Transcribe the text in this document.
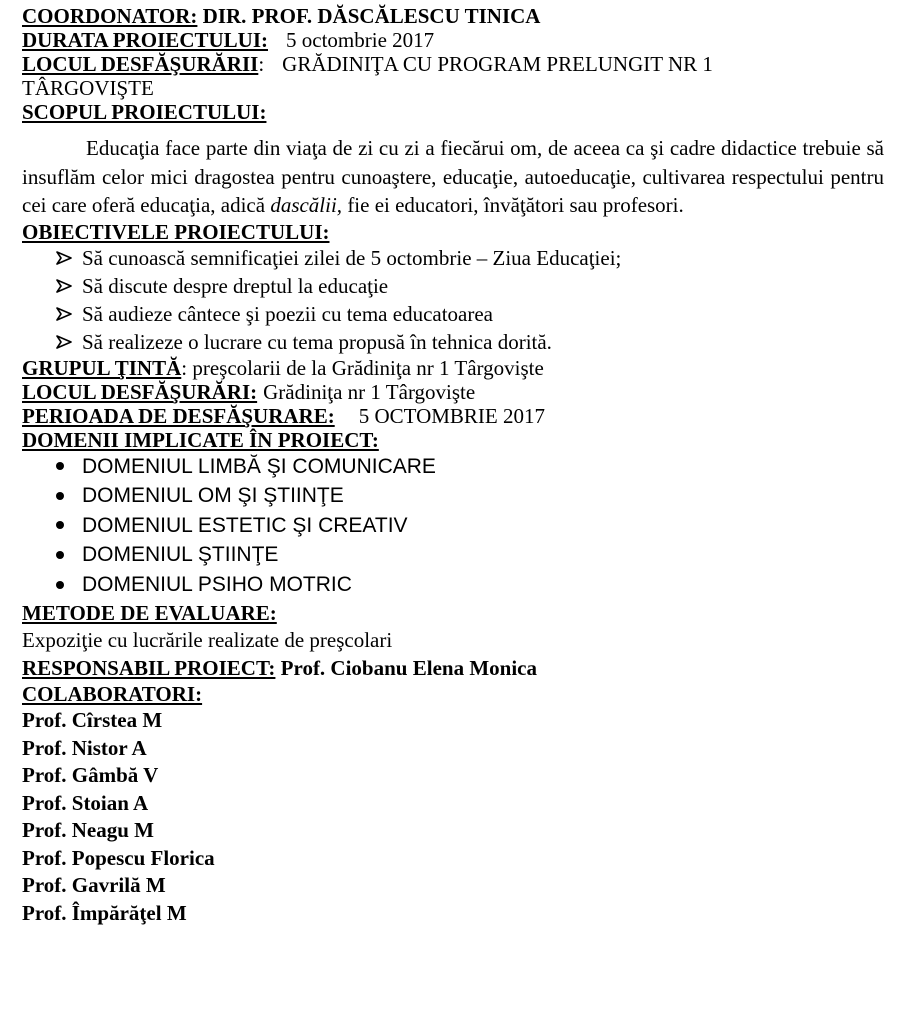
COORDONATOR: DIR. PROF. DĂSCĂLESCU TINICA
DURATA PROIECTULUI: 5 octombrie 2017
LOCUL DESFĂŞURĂRII: GRĂDINIŢA CU PROGRAM PRELUNGIT NR 1
TÂRGOVIŞTE
SCOPUL PROIECTULUI:

Educaţia face parte din viaţa de zi cu zi a fiecărui om, de aceea ca şi cadre didactice trebuie să insuflăm celor mici dragostea pentru cunoaştere, educaţie, autoeducaţie, cultivarea respectului pentru cei care oferă educaţia, adică dascălii, fie ei educatori, învăţători sau profesori.

OBIECTIVELE PROIECTULUI:
Să cunoască semnificaţiei zilei de 5 octombrie – Ziua Educaţiei;
Să discute despre dreptul la educaţie
Să audieze cântece şi poezii cu tema educatoarea
Să realizeze o lucrare cu tema propusă în tehnica dorită.
GRUPUL ŢINTĂ: preşcolarii de la Grădiniţa nr 1 Târgovişte
LOCUL DESFĂŞURĂRI: Grădiniţa nr 1 Târgovişte
PERIOADA DE DESFĂŞURARE: 5 OCTOMBRIE 2017
DOMENII IMPLICATE ÎN PROIECT:
DOMENIUL LIMBĂ ŞI COMUNICARE
DOMENIUL OM ŞI ŞTIINŢE
DOMENIUL ESTETIC ŞI CREATIV
DOMENIUL ŞTIINŢE
DOMENIUL PSIHO MOTRIC
METODE DE EVALUARE:
Expoziţie cu lucrările realizate de preşcolari
RESPONSABIL PROIECT: Prof. Ciobanu Elena Monica
COLABORATORI:
Prof. Cîrstea M
Prof. Nistor A
Prof. Gâmbă V
Prof. Stoian A
Prof. Neagu M
Prof. Popescu Florica
Prof. Gavrilă M
Prof. Împărăţel M
